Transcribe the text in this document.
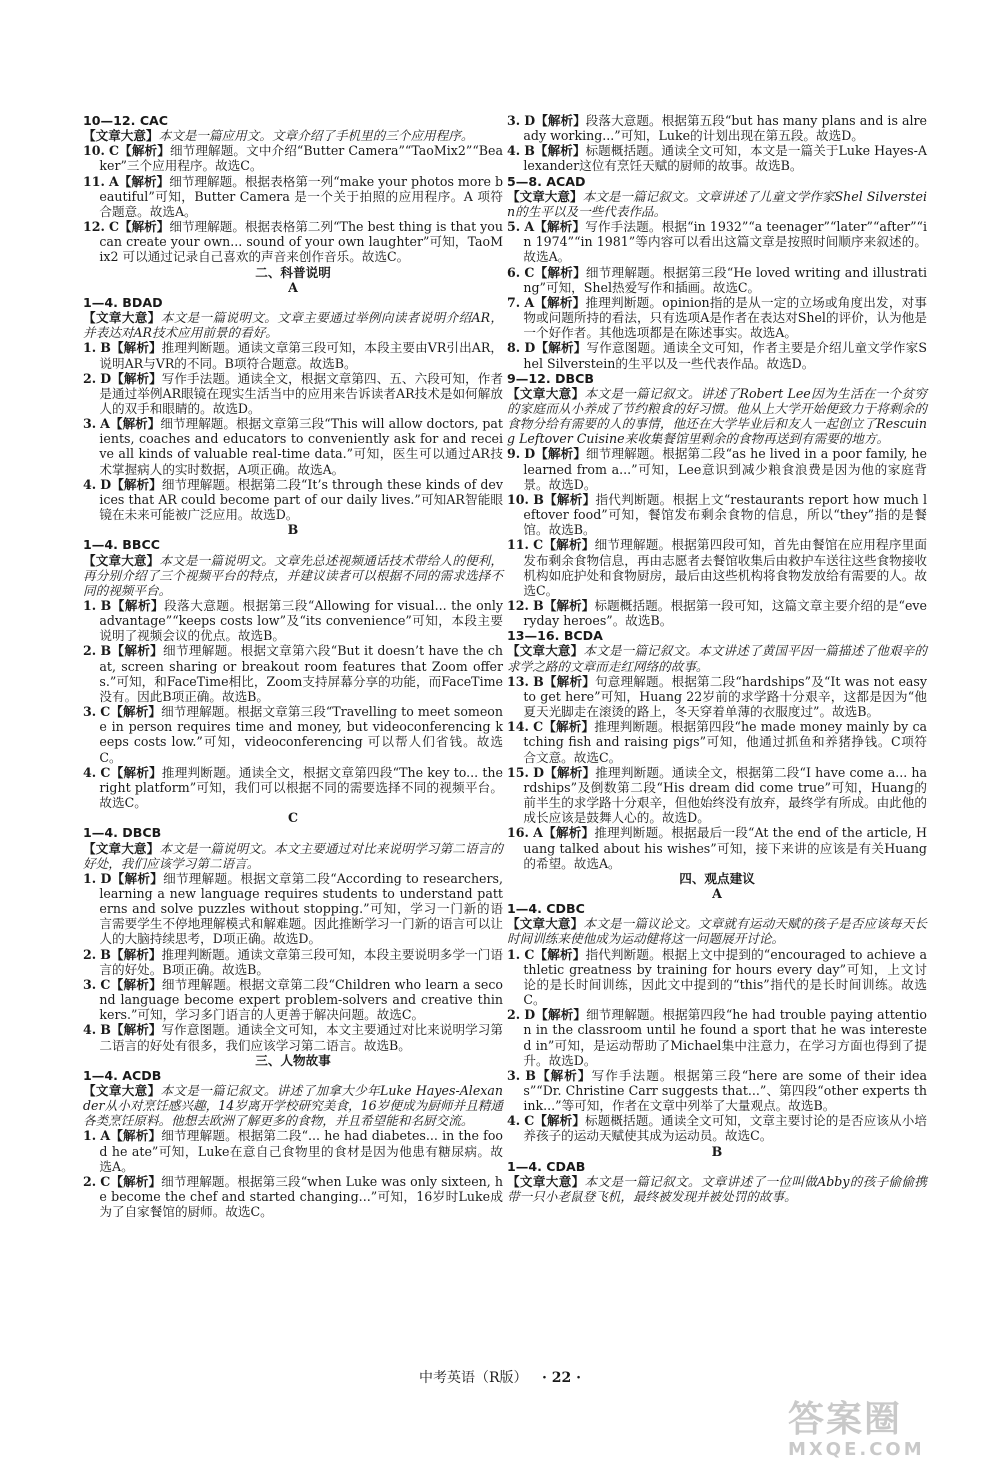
10—12. CAC

【文章大意】本文是一篇应用文。文章介绍了手机里的三个应用程序。

10. C【解析】细节理解题。文中介绍“Butter Camera”“TaoMix2”“Beaker”三个应用程序。故选C。

11. A【解析】细节理解题。根据表格第一列“make your photos more beautiful”可知，Butter Camera 是一个关于拍照的应用程序。A 项符合题意。故选A。

12. C【解析】细节理解题。根据表格第二列“The best thing is that you can create your own... sound of your own laughter”可知，TaoMix2 可以通过记录自己喜欢的声音来创作音乐。故选C。

二、科普说明

A

1—4. BDAD

【文章大意】本文是一篇说明文。文章主要通过举例向读者说明介绍AR，并表达对AR技术应用前景的看好。

1. B【解析】推理判断题。通读文章第三段可知，本段主要由VR引出AR，说明AR与VR的不同。B项符合题意。故选B。

2. D【解析】写作手法题。通读全文，根据文章第四、五、六段可知，作者是通过举例AR眼镜在现实生活当中的应用来告诉读者AR技术是如何解放人的双手和眼睛的。故选D。

3. A【解析】细节理解题。根据文章第三段“This will allow doctors, patients, coaches and educators to conveniently ask for and receive all kinds of valuable real-time data.”可知，医生可以通过AR技术掌握病人的实时数据，A项正确。故选A。

4. D【解析】细节理解题。根据第二段“It’s through these kinds of devices that AR could become part of our daily lives.”可知AR智能眼镜在未来可能被广泛应用。故选D。

B

1—4. BBCC

【文章大意】本文是一篇说明文。文章先总述视频通话技术带给人的便利，再分别介绍了三个视频平台的特点，并建议读者可以根据不同的需求选择不同的视频平台。

1. B【解析】段落大意题。根据第三段“Allowing for visual... the only advantage”“keeps costs low”及“its convenience”可知，本段主要说明了视频会议的优点。故选B。

2. B【解析】细节理解题。根据文章第六段“But it doesn’t have the chat, screen sharing or breakout room features that Zoom offers.”可知，和FaceTime相比，Zoom支持屏幕分享的功能，而FaceTime没有。因此B项正确。故选B。

3. C【解析】细节理解题。根据文章第三段“Travelling to meet someone in person requires time and money, but videoconferencing keeps costs low.”可知，videoconferencing 可以帮人们省钱。故选C。

4. C【解析】推理判断题。通读全文，根据文章第四段“The key to... the right platform”可知，我们可以根据不同的需要选择不同的视频平台。故选C。

C

1—4. DBCB

【文章大意】本文是一篇说明文。本文主要通过对比来说明学习第二语言的好处，我们应该学习第二语言。

1. D【解析】细节理解题。根据文章第二段“According to researchers, learning a new language requires students to understand patterns and solve puzzles without stopping.”可知，学习一门新的语言需要学生不停地理解模式和解难题。因此推断学习一门新的语言可以让人的大脑持续思考，D项正确。故选D。

2. B【解析】推理判断题。通读文章第三段可知，本段主要说明多学一门语言的好处。B项正确。故选B。

3. C【解析】细节理解题。根据文章第二段“Children who learn a second language become expert problem-solvers and creative thinkers.”可知，学习多门语言的人更善于解决问题。故选C。

4. B【解析】写作意图题。通读全文可知，本文主要通过对比来说明学习第二语言的好处有很多，我们应该学习第二语言。故选B。

三、人物故事

1—4. ACDB

【文章大意】本文是一篇记叙文。讲述了加拿大少年Luke Hayes-Alexander从小对烹饪感兴趣，14岁离开学校研究美食，16岁便成为厨师并且精通各类烹饪原料。他想去欧洲了解更多的食物，并且希望能和名厨交流。

1. A【解析】细节理解题。根据第二段“... he had diabetes... in the food he ate”可知，Luke在意自己食物里的食材是因为他患有糖尿病。故选A。

2. C【解析】细节理解题。根据第三段“when Luke was only sixteen, he become the chef and started changing...”可知，16岁时Luke成为了自家餐馆的厨师。故选C。

3. D【解析】段落大意题。根据第五段“but has many plans and is already working...”可知，Luke的计划出现在第五段。故选D。

4. B【解析】标题概括题。通读全文可知，本文是一篇关于Luke Hayes-Alexander这位有烹饪天赋的厨师的故事。故选B。

5—8. ACAD

【文章大意】本文是一篇记叙文。文章讲述了儿童文学作家Shel Silverstein的生平以及一些代表作品。

5. A【解析】写作手法题。根据“in 1932”“a teenager”“later”“after”“in 1974”“in 1981”等内容可以看出这篇文章是按照时间顺序来叙述的。故选A。

6. C【解析】细节理解题。根据第三段“He loved writing and illustrating”可知，Shel热爱写作和插画。故选C。

7. A【解析】推理判断题。opinion指的是从一定的立场或角度出发，对事物或问题所持的看法，只有选项A是作者在表达对Shel的评价，认为他是一个好作者。其他选项都是在陈述事实。故选A。

8. D【解析】写作意图题。通读全文可知，作者主要是介绍儿童文学作家Shel Silverstein的生平以及一些代表作品。故选D。

9—12. DBCB

【文章大意】本文是一篇记叙文。讲述了Robert Lee因为生活在一个贫穷的家庭而从小养成了节约粮食的好习惯。他从上大学开始便致力于将剩余的食物分给有需要的人的事情，他还在大学毕业后和友人一起创立了Rescuing Leftover Cuisine来收集餐馆里剩余的食物再送到有需要的地方。

9. D【解析】细节理解题。根据第二段“as he lived in a poor family, he learned from a...”可知，Lee意识到减少粮食浪费是因为他的家庭背景。故选D。

10. B【解析】指代判断题。根据上文“restaurants report how much leftover food”可知，餐馆发布剩余食物的信息，所以“they”指的是餐馆。故选B。

11. C【解析】细节理解题。根据第四段可知，首先由餐馆在应用程序里面发布剩余食物信息，再由志愿者去餐馆收集后由救护车送往这些食物接收机构如庇护处和食物厨房，最后由这些机构将食物发放给有需要的人。故选C。

12. B【解析】标题概括题。根据第一段可知，这篇文章主要介绍的是“everyday heroes”。故选B。

13—16. BCDA

【文章大意】本文是一篇记叙文。本文讲述了黄国平因一篇描述了他艰辛的求学之路的文章而走红网络的故事。

13. B【解析】句意理解题。根据第二段“hardships”及“It was not easy to get here”可知，Huang 22岁前的求学路十分艰辛，这都是因为“他夏天光脚走在滚烫的路上，冬天穿着单薄的衣服度过”。故选B。

14. C【解析】推理判断题。根据第四段“he made money mainly by catching fish and raising pigs”可知，他通过抓鱼和养猪挣钱。C项符合文意。故选C。

15. D【解析】推理判断题。通读全文，根据第二段“I have come a... hardships”及倒数第二段“His dream did come true”可知，Huang的前半生的求学路十分艰辛，但他始终没有放弃，最终学有所成。由此他的成长应该是鼓舞人心的。故选D。

16. A【解析】推理判断题。根据最后一段“At the end of the article, Huang talked about his wishes”可知，接下来讲的应该是有关Huang的希望。故选A。

四、观点建议

A

1—4. CDBC

【文章大意】本文是一篇议论文。文章就有运动天赋的孩子是否应该每天长时间训练来使他成为运动健将这一问题展开讨论。

1. C【解析】指代判断题。根据上文中提到的“encouraged to achieve athletic greatness by training for hours every day”可知，上文讨论的是长时间训练，因此文中提到的“this”指代的是长时间训练。故选C。

2. D【解析】细节理解题。根据第四段“he had trouble paying attention in the classroom until he found a sport that he was interested in”可知，是运动帮助了Michael集中注意力，在学习方面也得到了提升。故选D。

3. B【解析】写作手法题。根据第三段“here are some of their ideas”“Dr. Christine Carr suggests that...”、第四段“other experts think...”等可知，作者在文章中列举了大量观点。故选B。

4. C【解析】标题概括题。通读全文可知，文章主要讨论的是否应该从小培养孩子的运动天赋使其成为运动员。故选C。

B

1—4. CDAB

【文章大意】本文是一篇记叙文。文章讲述了一位叫做Abby的孩子偷偷携带一只小老鼠登飞机，最终被发现并被处罚的故事。

中考英语（R版） · 22 ·
答案圈
MXQE.COM
